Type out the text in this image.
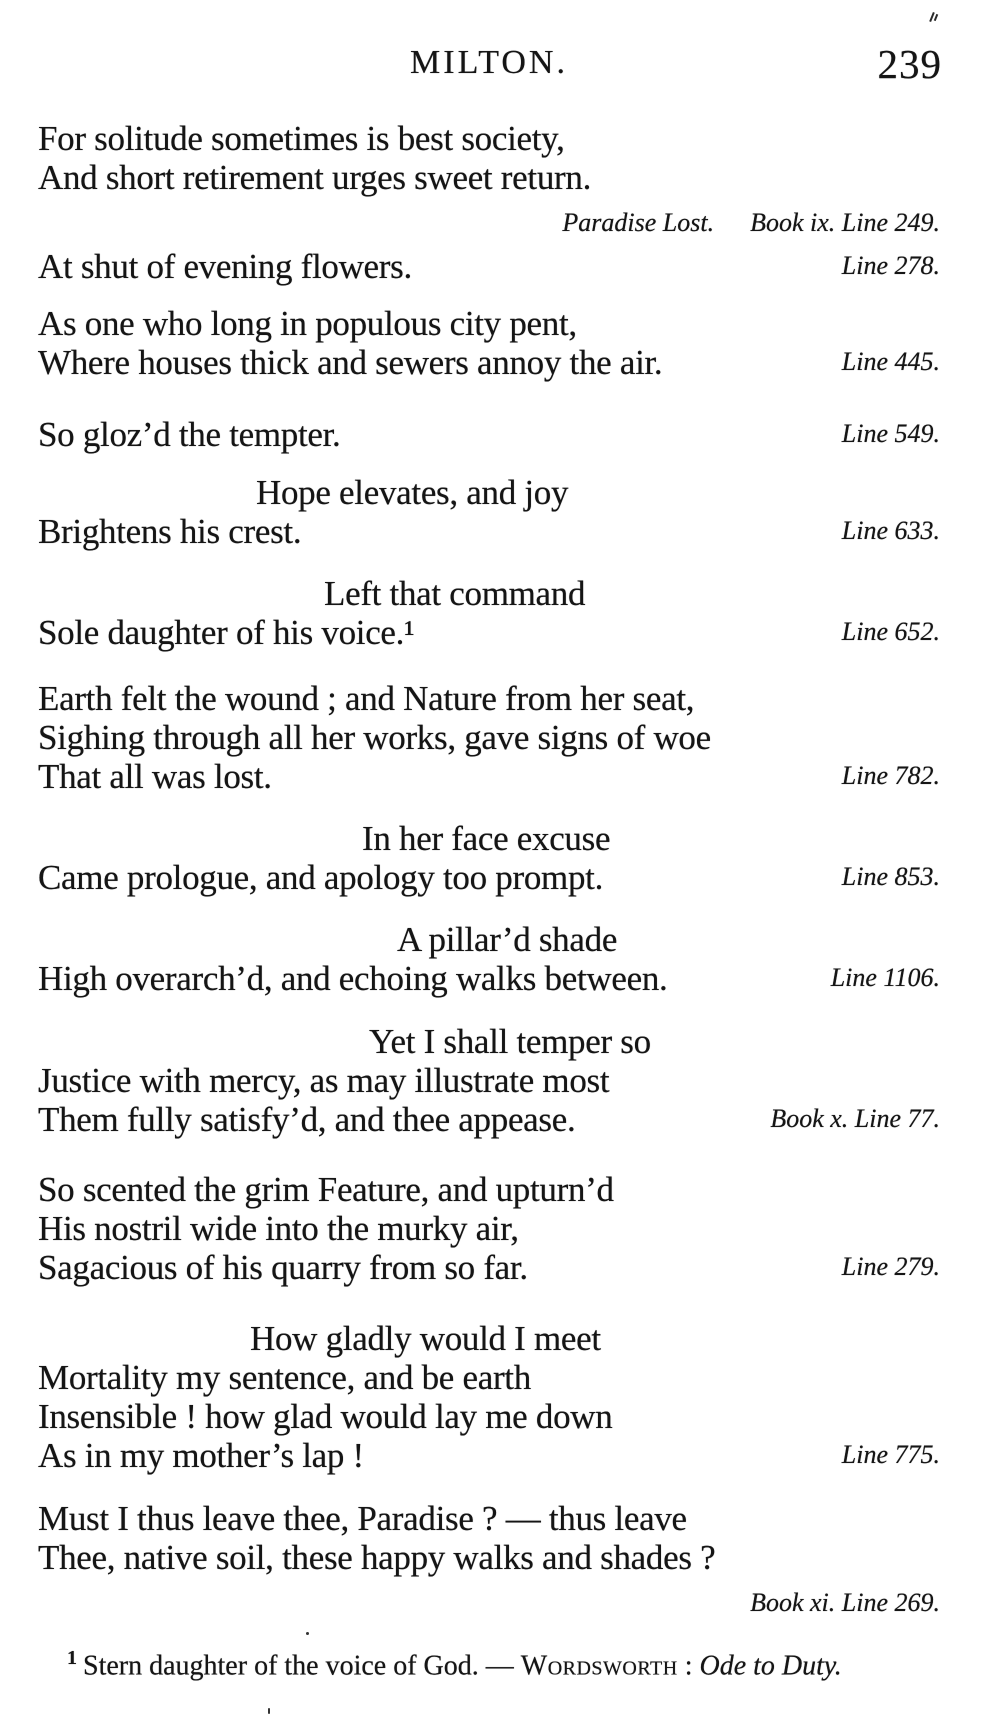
MILTON.	239
For solitude sometimes is best society,
And short retirement urges sweet return.
Paradise Lost. Book ix. Line 249.
At shut of evening flowers.	Line 278.
As one who long in populous city pent,
Where houses thick and sewers annoy the air.	Line 445.
So gloz’d the tempter.	Line 549.
Hope elevates, and joy
Brightens his crest.	Line 633.
Left that command
Sole daughter of his voice.¹	Line 652.
Earth felt the wound ; and Nature from her seat,
Sighing through all her works, gave signs of woe
That all was lost.	Line 782.
In her face excuse
Came prologue, and apology too prompt.	Line 853.
A pillar’d shade
High overarch’d, and echoing walks between.	Line 1106.
Yet I shall temper so
Justice with mercy, as may illustrate most
Them fully satisfy’d, and thee appease.	Book x. Line 77.
So scented the grim Feature, and upturn’d
His nostril wide into the murky air,
Sagacious of his quarry from so far.	Line 279.
How gladly would I meet
Mortality my sentence, and be earth
Insensible ! how glad would lay me down
As in my mother’s lap !	Line 775.
Must I thus leave thee, Paradise ? — thus leave
Thee, native soil, these happy walks and shades ?
Book xi. Line 269.
$^1$ Stern daughter of the voice of God. — Wordsworth : Ode to Duty.
